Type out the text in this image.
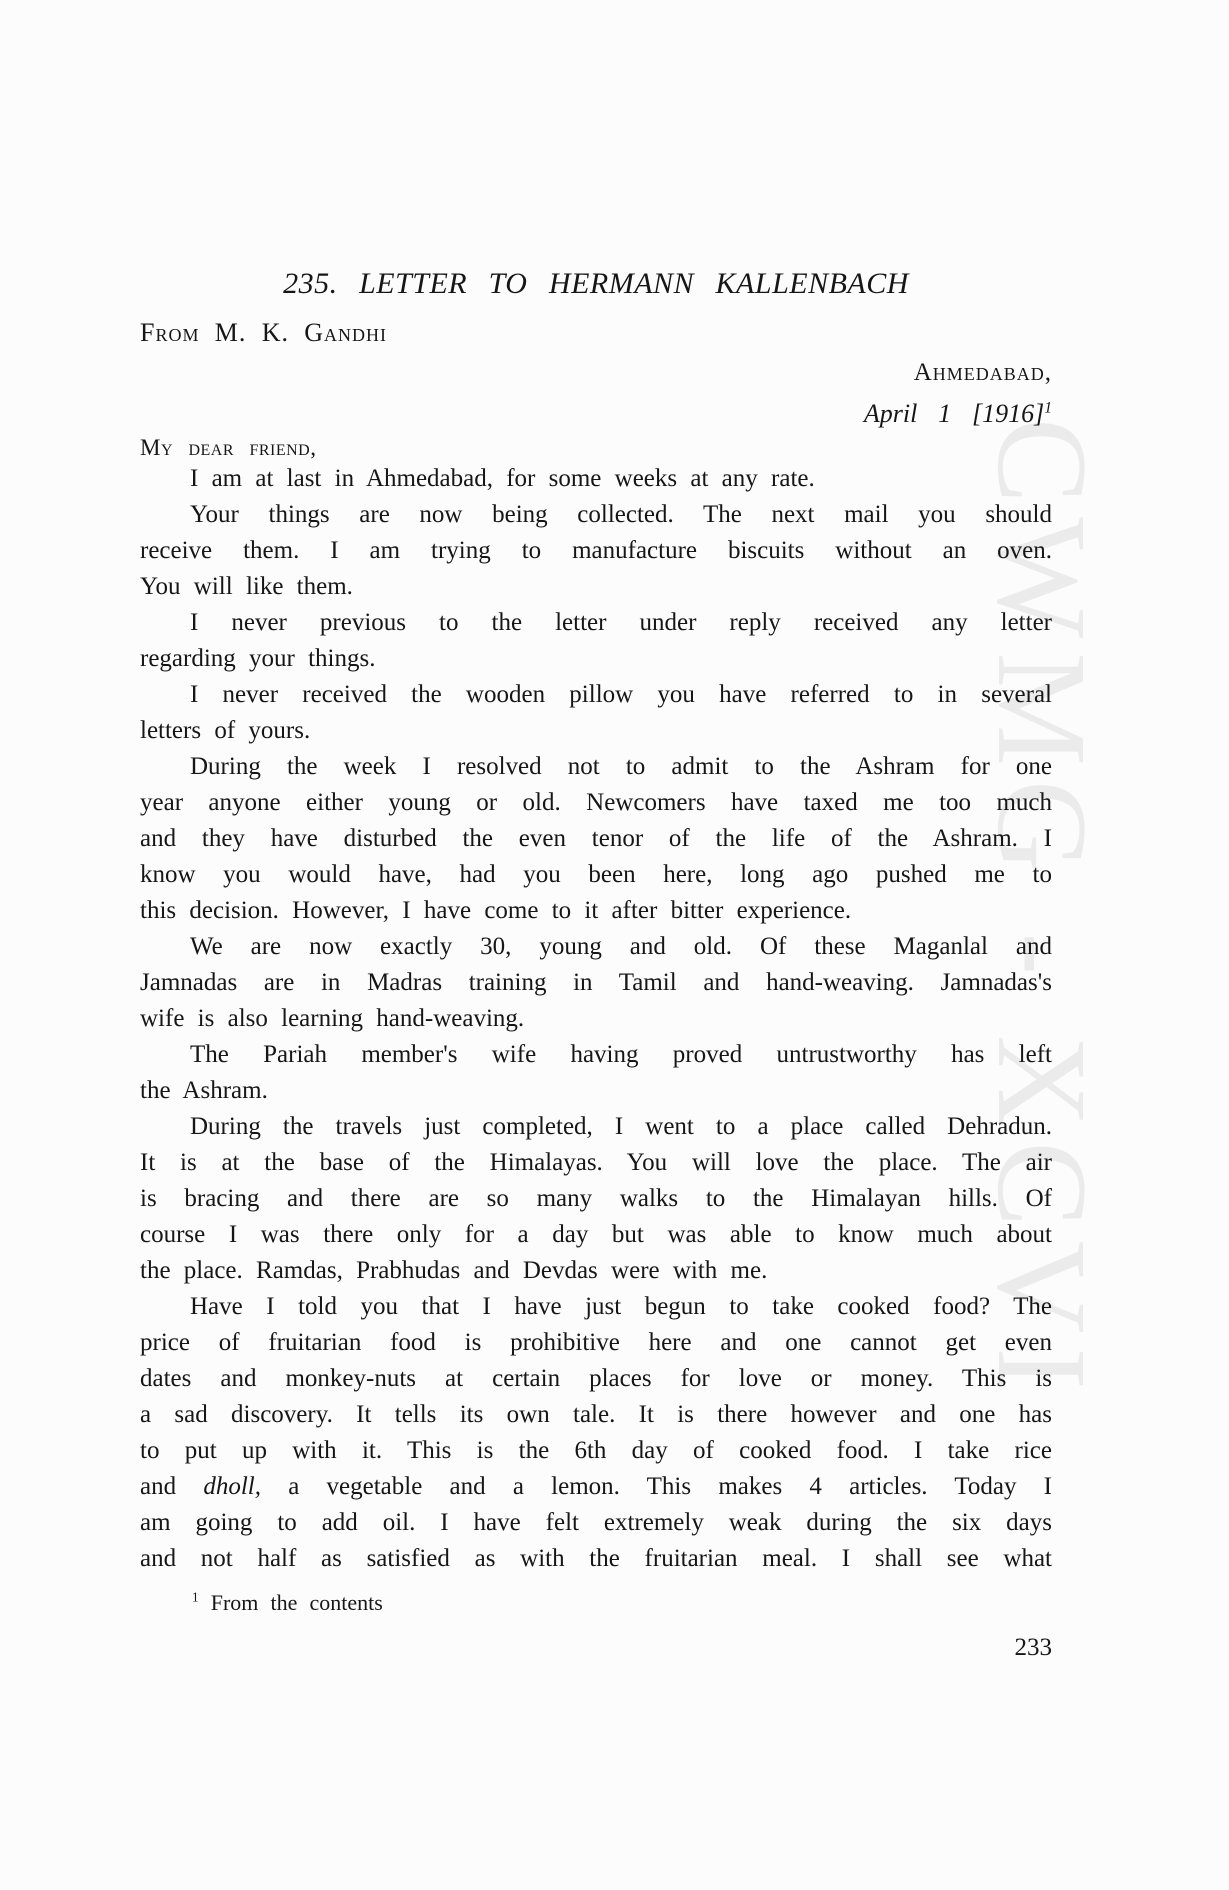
CWMG - XCVI
235. LETTER TO HERMANN KALLENBACH
From M. K. Gandhi
Ahmedabad,
April 1 $[1916]^1$
My dear friend,
I am at last in Ahmedabad, for some weeks at any rate.
Your things are now being collected. The next mail you should
receive them. I am trying to manufacture biscuits without an oven.
You will like them.
I never previous to the letter under reply received any letter
regarding your things.
I never received the wooden pillow you have referred to in several
letters of yours.
During the week I resolved not to admit to the Ashram for one
year anyone either young or old. Newcomers have taxed me too much
and they have disturbed the even tenor of the life of the Ashram. I
know you would have, had you been here, long ago pushed me to
this decision. However, I have come to it after bitter experience.
We are now exactly 30, young and old. Of these Maganlal and
Jamnadas are in Madras training in Tamil and hand-weaving. Jamnadas's
wife is also learning hand-weaving.
The Pariah member's wife having proved untrustworthy has left
the Ashram.
During the travels just completed, I went to a place called Dehradun.
It is at the base of the Himalayas. You will love the place. The air
is bracing and there are so many walks to the Himalayan hills. Of
course I was there only for a day but was able to know much about
the place. Ramdas, Prabhudas and Devdas were with me.
Have I told you that I have just begun to take cooked food? The
price of fruitarian food is prohibitive here and one cannot get even
dates and monkey-nuts at certain places for love or money. This is
a sad discovery. It tells its own tale. It is there however and one has
to put up with it. This is the 6th day of cooked food. I take rice
and dholl, a vegetable and a lemon. This makes 4 articles. Today I
am going to add oil. I have felt extremely weak during the six days
and not half as satisfied as with the fruitarian meal. I shall see what
$^1$ From the contents
233
